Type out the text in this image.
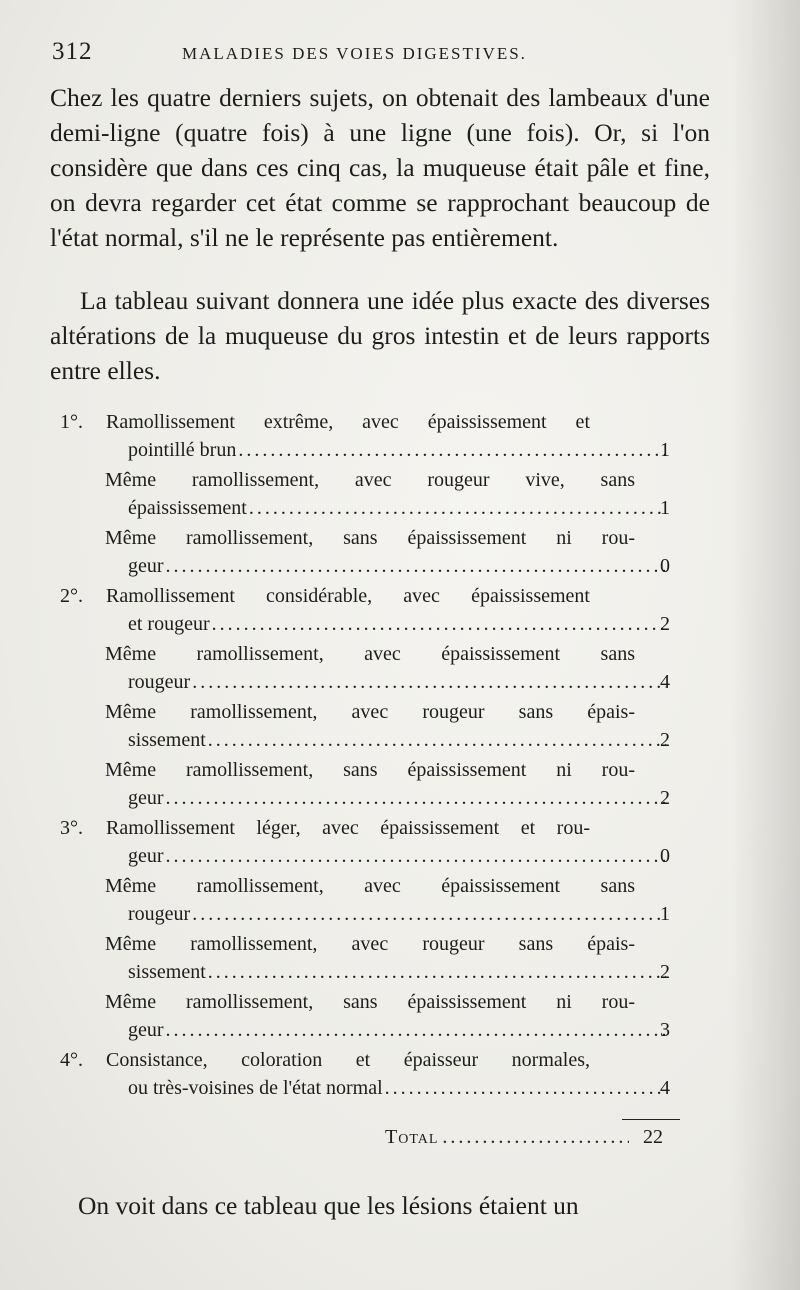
312	MALADIES DES VOIES DIGESTIVES.

Chez les quatre derniers sujets, on obtenait des lambeaux d'une demi-ligne (quatre fois) à une ligne (une fois). Or, si l'on considère que dans ces cinq cas, la muqueuse était pâle et fine, on devra regarder cet état comme se rapprochant beaucoup de l'état normal, s'il ne le représente pas entièrement.

La tableau suivant donnera une idée plus exacte des diverses altérations de la muqueuse du gros intestin et de leurs rapports entre elles.

1°. Ramollissement extrême, avec épaississement et
pointillé brun .....	1
Même ramollissement, avec rougeur vive, sans
épaississement .....	1
Même ramollissement, sans épaississement ni rou-
geur .....	0
2°. Ramollissement considérable, avec épaississement
et rougeur .....	2
Même ramollissement, avec épaississement sans
rougeur .....	4
Même ramollissement, avec rougeur sans épais-
sissement .....	2
Même ramollissement, sans épaississement ni rou-
geur .....	2
3°. Ramollissement léger, avec épaississement et rou-
geur .....	0
Même ramollissement, avec épaississement sans
rougeur .....	1
Même ramollissement, avec rougeur sans épais-
sissement .....	2
Même ramollissement, sans épaississement ni rou-
geur .....	3
4°. Consistance, coloration et épaisseur normales,
ou très-voisines de l'état normal .....	4
Total .....	22

On voit dans ce tableau que les lésions étaient un
